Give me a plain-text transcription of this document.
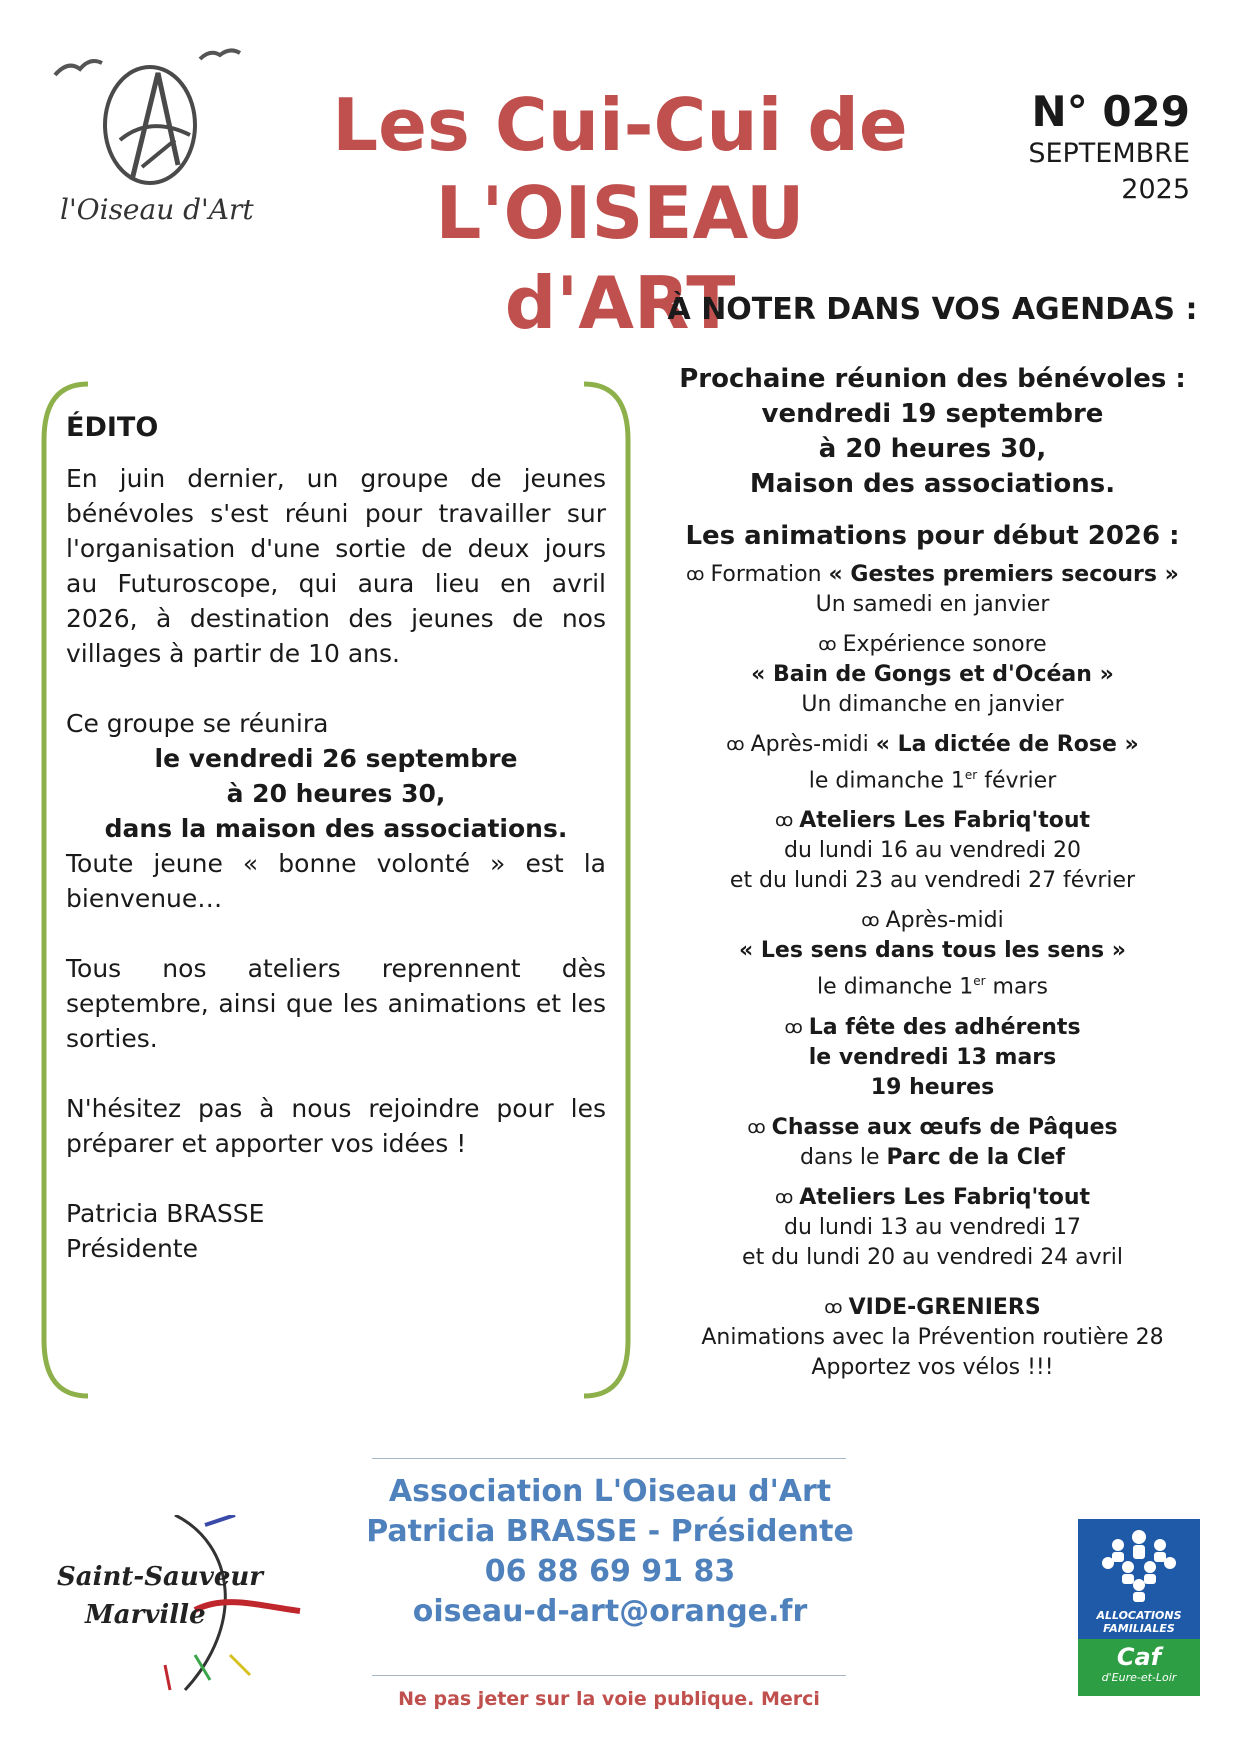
l'Oiseau d'Art
Les Cui-Cui de
L'OISEAU d'ART
N° 029
SEPTEMBRE
2025
ÉDITO

En juin dernier, un groupe de jeunes bénévoles s'est réuni pour travailler sur l'organisation d'une sortie de deux jours au Futuroscope, qui aura lieu en avril 2026, à destination des jeunes de nos villages à partir de 10 ans.

Ce groupe se réunira
le vendredi 26 septembre
à 20 heures 30,
dans la maison des associations.

Toute jeune « bonne volonté » est la bienvenue…

Tous nos ateliers reprennent dès septembre, ainsi que les animations et les sorties.

N'hésitez pas à nous rejoindre pour les préparer et apporter vos idées !

Patricia BRASSE
Présidente
À NOTER DANS VOS AGENDAS :
Prochaine réunion des bénévoles :
vendredi 19 septembre
à 20 heures 30,
Maison des associations.
Les animations pour début 2026 :
ꝏ Formation « Gestes premiers secours »
Un samedi en janvier
ꝏ Expérience sonore
« Bain de Gongs et d'Océan »
Un dimanche en janvier
ꝏ Après-midi « La dictée de Rose »
le dimanche 1er février
ꝏ Ateliers Les Fabriq'tout
du lundi 16 au vendredi 20
et du lundi 23 au vendredi 27 février
ꝏ Après-midi
« Les sens dans tous les sens »
le dimanche 1er mars
ꝏ La fête des adhérents
le vendredi 13 mars
19 heures
ꝏ Chasse aux œufs de Pâques
dans le Parc de la Clef
ꝏ Ateliers Les Fabriq'tout
du lundi 13 au vendredi 17
et du lundi 20 au vendredi 24 avril
ꝏ VIDE-GRENIERS
Animations avec la Prévention routière 28
Apportez vos vélos !!!
Saint-Sauveur
Marville
Association L'Oiseau d'Art
Patricia BRASSE - Présidente
06 88 69 91 83
oiseau-d-art@orange.fr	ALLOCATIONS
FAMILIALES
Caf
d'Eure-et-Loir
Ne pas jeter sur la voie publique. Merci
